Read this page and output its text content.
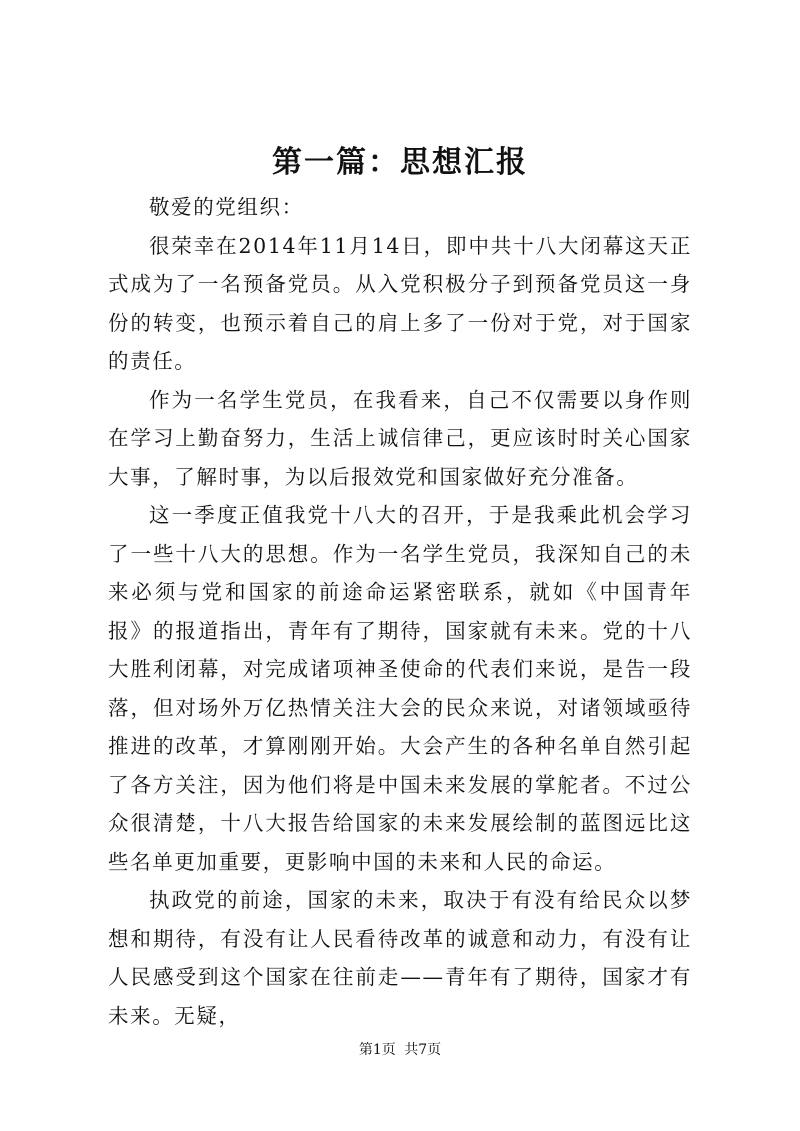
第一篇：思想汇报

敬爱的党组织：

很荣幸在2014年11月14日，即中共十八大闭幕这天正式成为了一名预备党员。从入党积极分子到预备党员这一身份的转变，也预示着自己的肩上多了一份对于党，对于国家的责任。

作为一名学生党员，在我看来，自己不仅需要以身作则在学习上勤奋努力，生活上诚信律己，更应该时时关心国家大事，了解时事，为以后报效党和国家做好充分准备。

这一季度正值我党十八大的召开，于是我乘此机会学习了一些十八大的思想。作为一名学生党员，我深知自己的未来必须与党和国家的前途命运紧密联系，就如《中国青年报》的报道指出，青年有了期待，国家就有未来。党的十八大胜利闭幕，对完成诸项神圣使命的代表们来说，是告一段落，但对场外万亿热情关注大会的民众来说，对诸领域亟待推进的改革，才算刚刚开始。大会产生的各种名单自然引起了各方关注，因为他们将是中国未来发展的掌舵者。不过公众很清楚，十八大报告给国家的未来发展绘制的蓝图远比这些名单更加重要，更影响中国的未来和人民的命运。

执政党的前途，国家的未来，取决于有没有给民众以梦想和期待，有没有让人民看待改革的诚意和动力，有没有让人民感受到这个国家在往前走——青年有了期待，国家才有未来。无疑，

第1页 共7页
